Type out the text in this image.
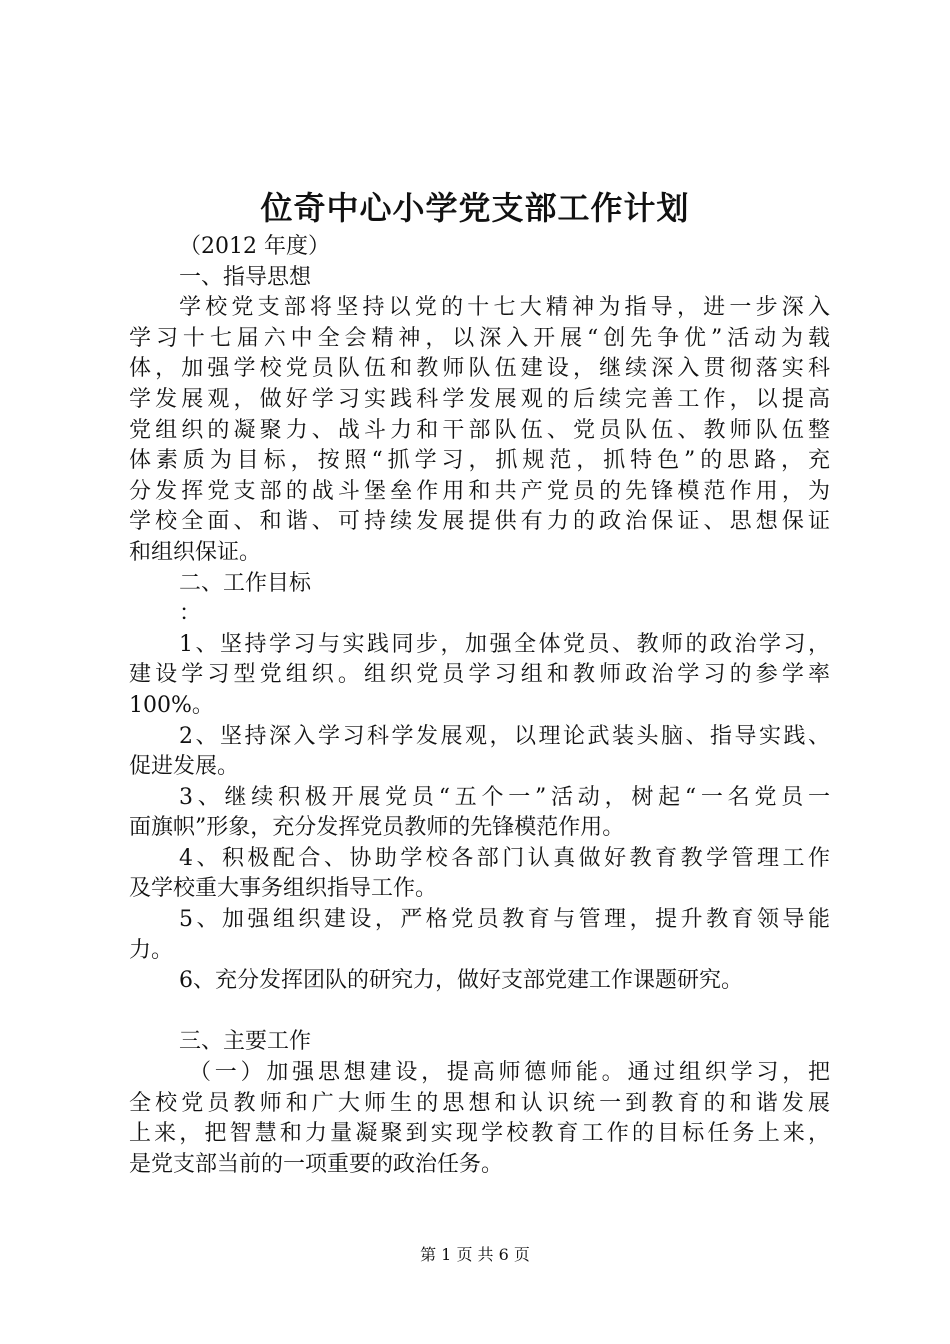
位奇中心小学党支部工作计划
（2012 年度）
一、指导思想
学校党支部将坚持以党的十七大精神为指导，进一步深入
学习十七届六中全会精神，以深入开展“创先争优”活动为载
体，加强学校党员队伍和教师队伍建设，继续深入贯彻落实科
学发展观，做好学习实践科学发展观的后续完善工作，以提高
党组织的凝聚力、战斗力和干部队伍、党员队伍、教师队伍整
体素质为目标，按照“抓学习，抓规范，抓特色”的思路，充
分发挥党支部的战斗堡垒作用和共产党员的先锋模范作用，为
学校全面、和谐、可持续发展提供有力的政治保证、思想保证
和组织保证。
二、工作目标
：
1、坚持学习与实践同步，加强全体党员、教师的政治学习，
建设学习型党组织。组织党员学习组和教师政治学习的参学率
100%。
2、坚持深入学习科学发展观，以理论武装头脑、指导实践、
促进发展。
3、继续积极开展党员“五个一”活动，树起“一名党员一
面旗帜”形象，充分发挥党员教师的先锋模范作用。
4、积极配合、协助学校各部门认真做好教育教学管理工作
及学校重大事务组织指导工作。
5、加强组织建设，严格党员教育与管理，提升教育领导能
力。
6、充分发挥团队的研究力，做好支部党建工作课题研究。
三、主要工作
（一）加强思想建设，提高师德师能。通过组织学习，把
全校党员教师和广大师生的思想和认识统一到教育的和谐发展
上来，把智慧和力量凝聚到实现学校教育工作的目标任务上来，
是党支部当前的一项重要的政治任务。
第 1 页 共 6 页
